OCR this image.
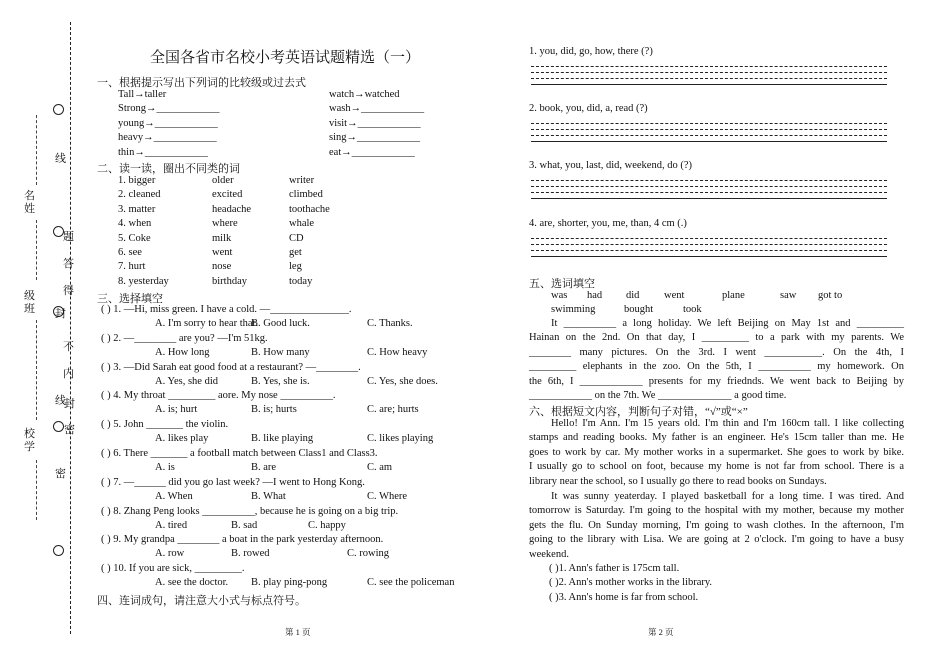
线
题
答
得
不
内
线
封
密
密
封
名姓
级班
校学
全国各省市名校小考英语试题精选（一）
一、根据提示写出下列词的比较级或过去式
Tall→taller
Strong→____________
young→____________
heavy→____________
thin→____________
watch→watched
wash→____________
visit→____________
sing→____________
eat→____________
二、读一读，圈出不同类的词
1. bigger	older	writer
2. cleaned	excited	climbed
3. matter	headache	toothache
4. when	where	whale
5. Coke	milk	CD
6. see	went	get
7. hurt	nose	leg
8. yesterday	birthday	today
三、选择填空
( ) 1. —Hi, miss green. I have a cold. —_______________.
A. I'm sorry to hear that.
B. Good luck.	C. Thanks.
( ) 2. —________ are you? —I'm 51kg.
A. How long	B. How many	C. How heavy
( ) 3. —Did Sarah eat good food at a restaurant? —________.
A. Yes, she did	B. Yes, she is.	C. Yes, she does.
( ) 4. My throat _________ aore. My nose __________.
A. is; hurt	B. is; hurts	C. are; hurts
( ) 5. John _______ the violin.
A. likes play	B. like playing	C. likes playing
( ) 6. There _______ a football match between Class1 and Class3.
A. is	B. are	C. am
( ) 7. —______ did you go last week? —I went to Hong Kong.
A. When	B. What	C. Where
( ) 8. Zhang Peng looks __________, because he is going on a big trip.
A. tired	B. sad	C. happy
( ) 9. My grandpa ________ a boat in the park yesterday afternoon.
A. row	B. rowed	C. rowing
( ) 10. If you are sick, _________.
A. see the doctor. B. play ping-pong	C. see the policeman
四、连词成句，请注意大小式与标点符号。
第 1 页
1. you, did, go, how, there (?)
2. book, you, did, a, read (?)
3. what, you, last, did, weekend, do (?)
4. are, shorter, you, me, than, 4 cm (.)
五、选词填空
was had did went	plane	saw got to
swimming	bought	took
It __________ a long holiday. We left Beijing on May 1st and _________
Hainan on the 2nd. On that day, I _________ to a park with my parents. We
________ many pictures. On the 3rd. I went ___________. On the 4th, I
_________ elephants in the zoo. On the 5th, I __________ my homework. On
the 6th, I ____________ presents for my friednds. We went back to Beijing by
____________ on the 7th. We ______________ a good time.
六、根据短文内容，判断句子对错，“√”或“×”
Hello! I'm Ann. I'm 15 years old. I'm thin and I'm 160cm tall. I like collecting
stamps and reading books. My father is an engineer. He's 15cm taller than me. He
goes to work by car. My mother works in a supermarket. She goes to work by bike.
I usually go to school on foot, because my home is not far from school. There is a
library near the school, so I usually go there to read books on Sundays.
It was sunny yeaterday. I played basketball for a long time. I was tired. And
tomorrow is Saturday. I'm going to the hospital with my mother, because my mother
gets the flu. On Sunday morning, I'm going to wash clothes. In the afternoon, I'm
going to the library with Lisa. We are going at 2 o'clock. I'm going to have a busy
weekend.
( )1. Ann's father is 175cm tall.
( )2. Ann's mother works in the library.
( )3. Ann's home is far from school.
第 2 页
